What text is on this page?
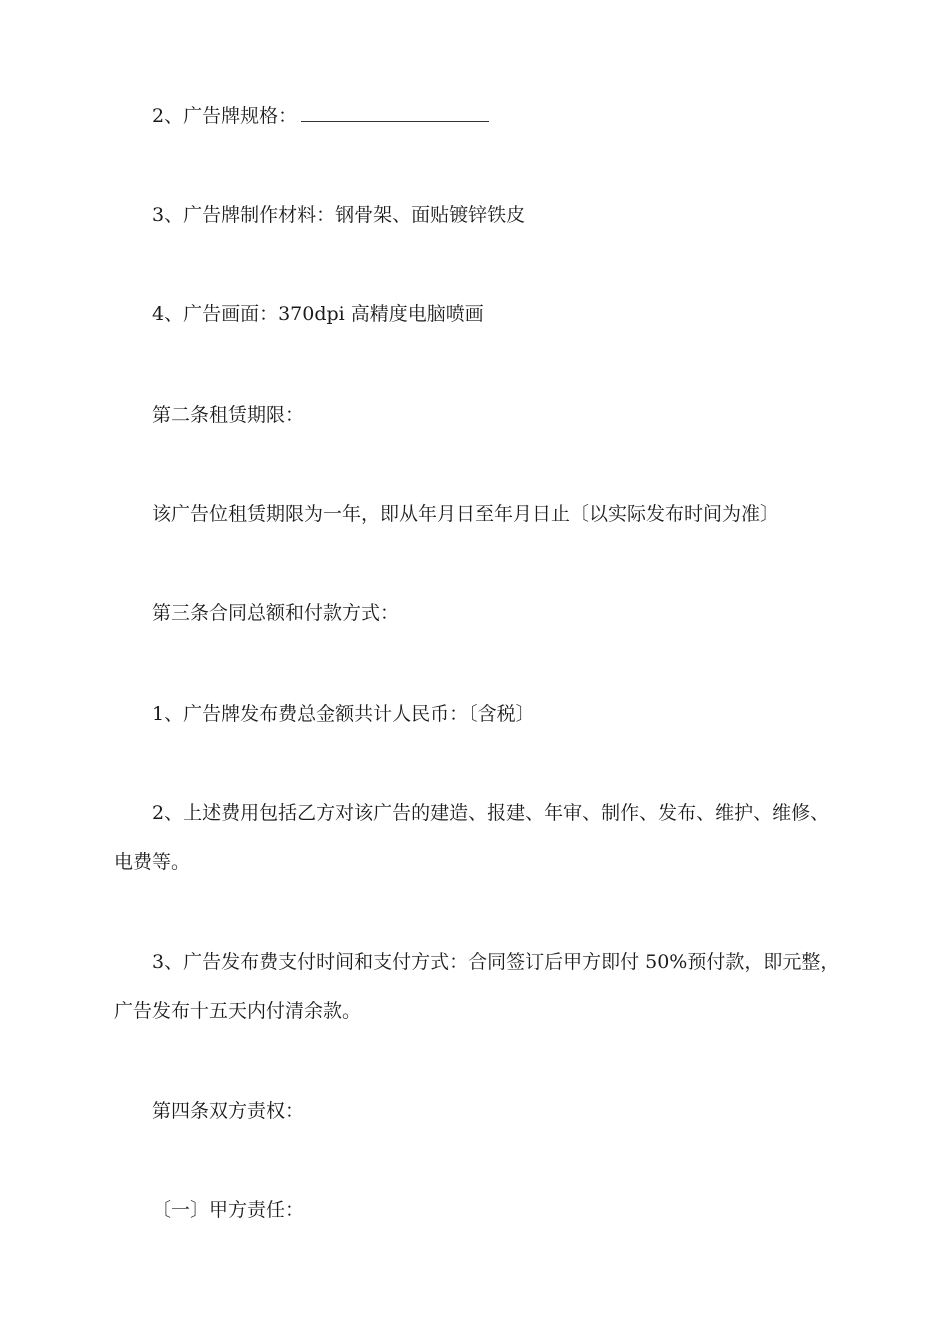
2、广告牌规格：
3、广告牌制作材料：钢骨架、面贴镀锌铁皮
4、广告画面：370dpi 高精度电脑喷画
第二条租赁期限：
该广告位租赁期限为一年，即从年月日至年月日止〔以实际发布时间为准〕
第三条合同总额和付款方式：
1、广告牌发布费总金额共计人民币：〔含税〕
2、上述费用包括乙方对该广告的建造、报建、年审、制作、发布、维护、维修、
电费等。
3、广告发布费支付时间和支付方式：合同签订后甲方即付 50%预付款，即元整，
广告发布十五天内付清余款。
第四条双方责权：
〔一〕甲方责任：
